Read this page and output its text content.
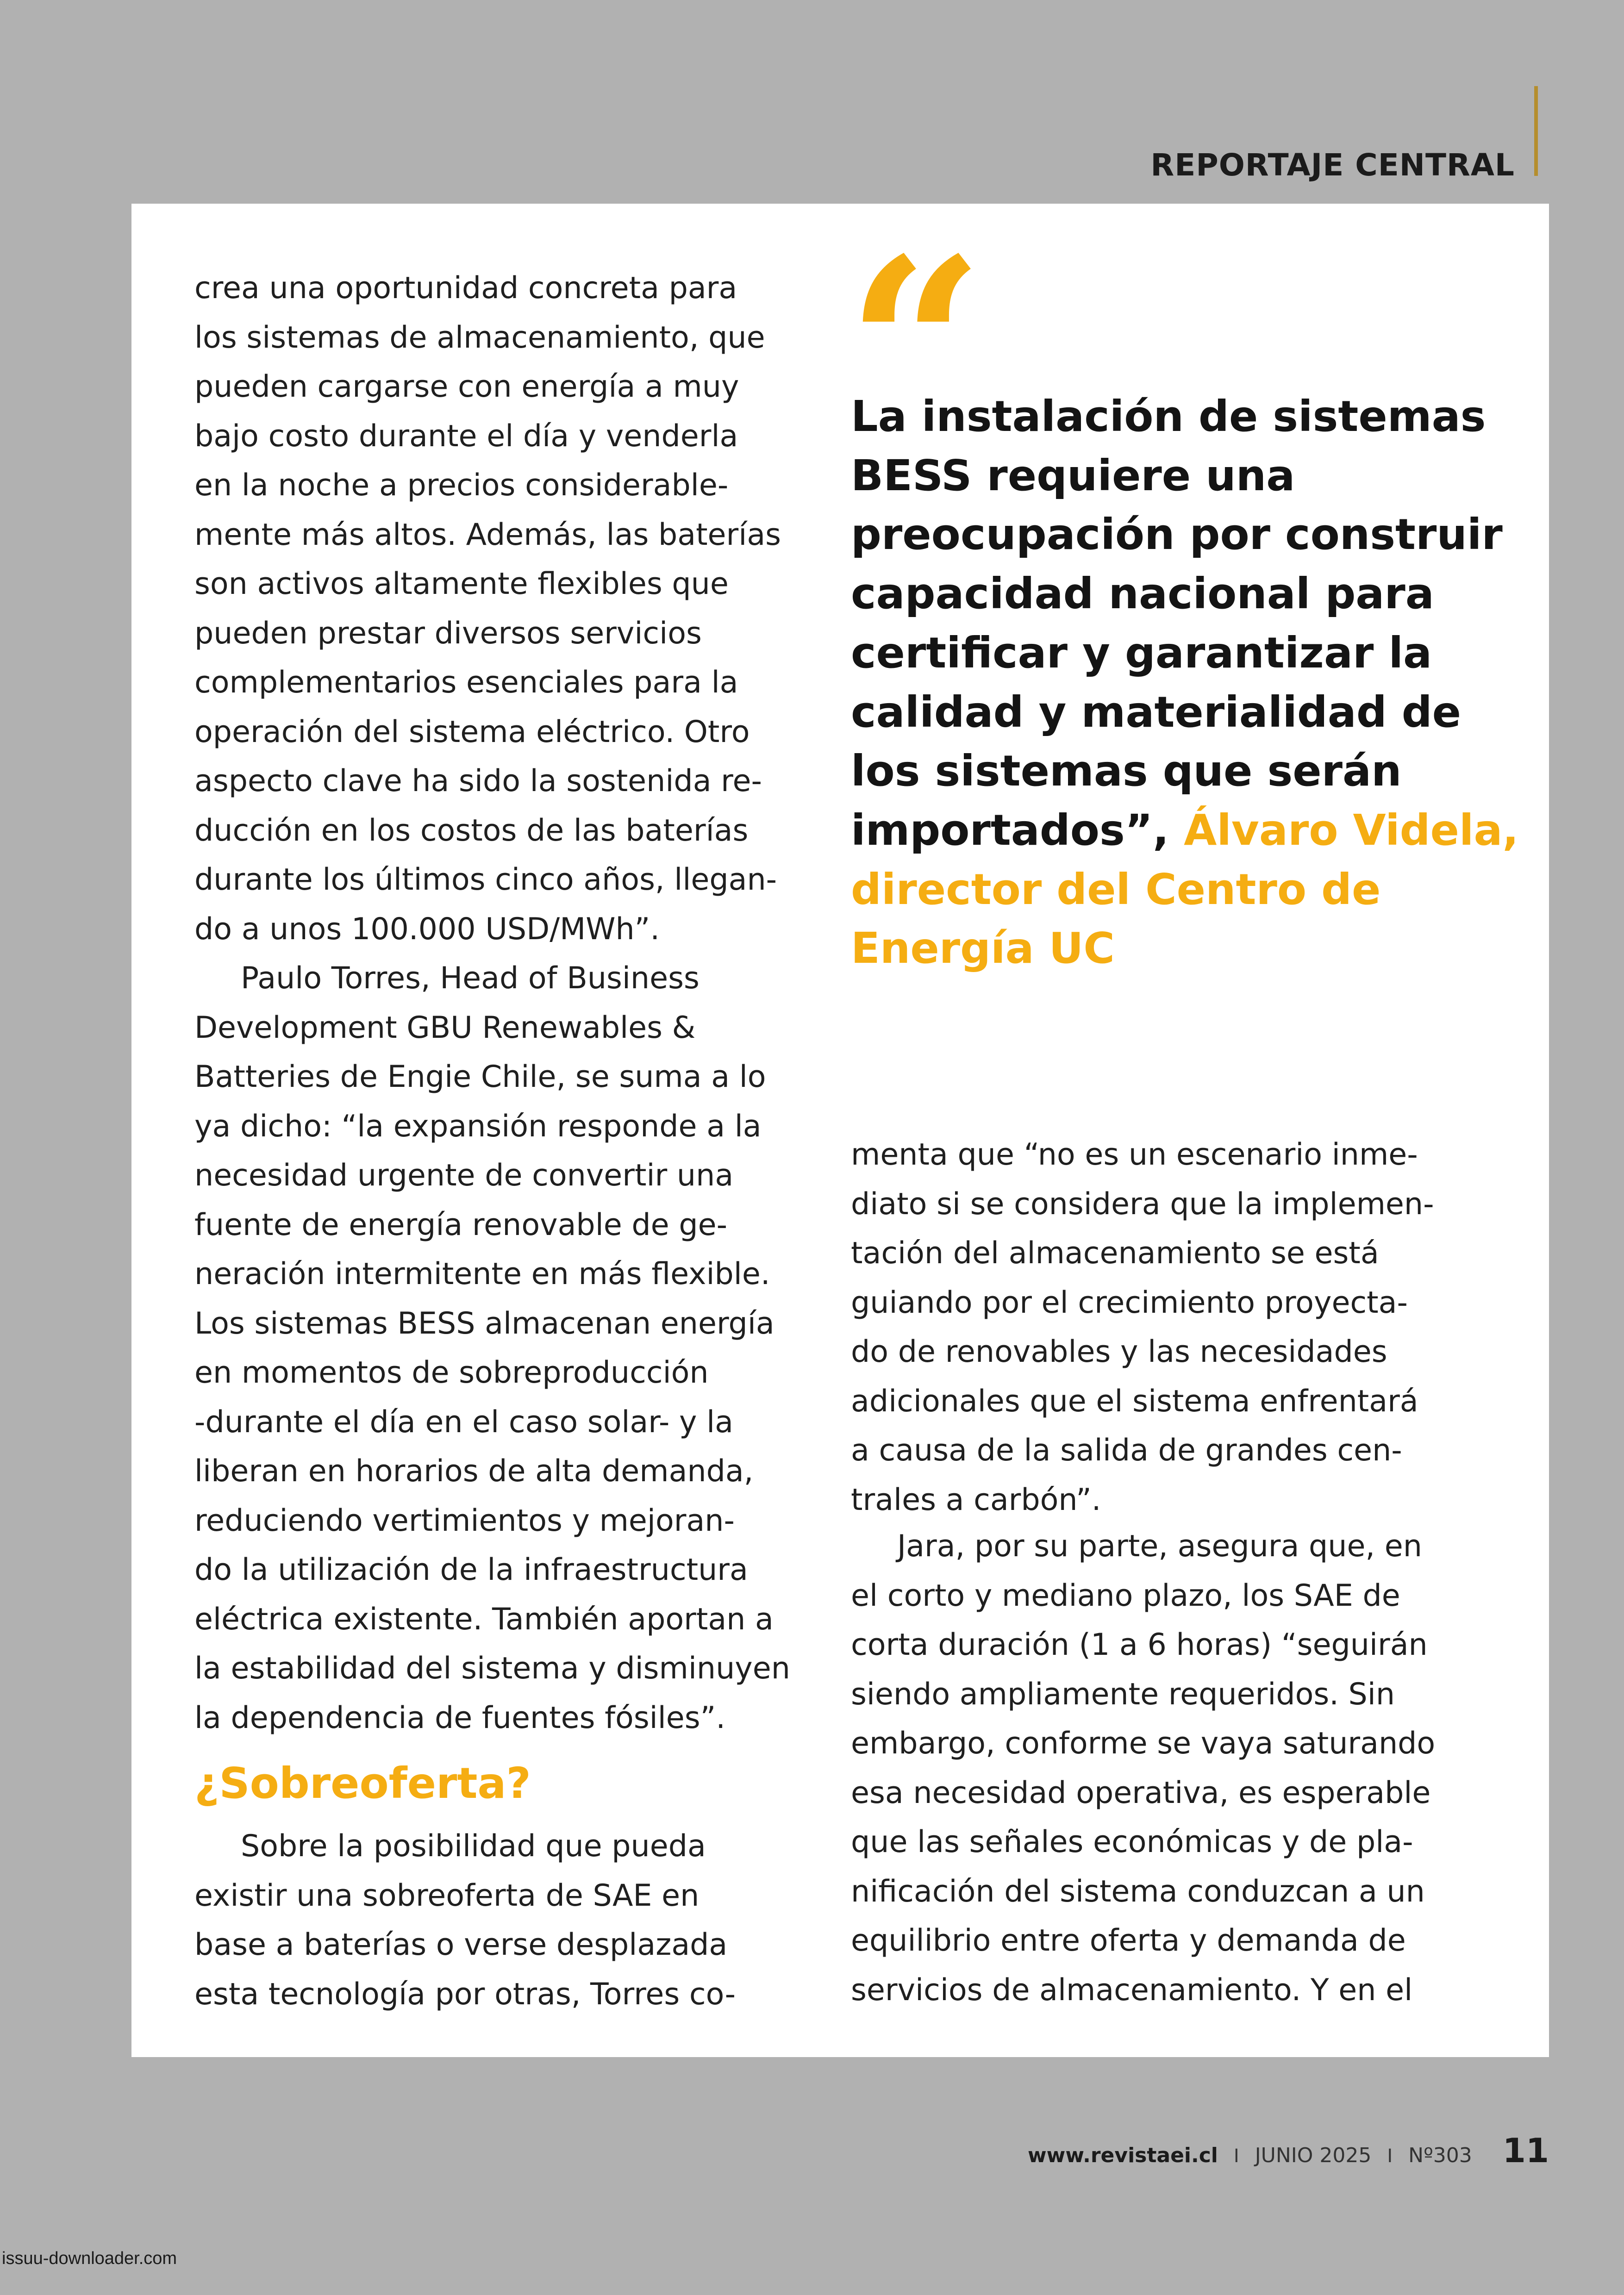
REPORTAJE CENTRAL

crea una oportunidad concreta para

los sistemas de almacenamiento, que

pueden cargarse con energía a muy

bajo costo durante el día y venderla

en la noche a precios considerable-

mente más altos. Además, las baterías

son activos altamente flexibles que

pueden prestar diversos servicios

complementarios esenciales para la

operación del sistema eléctrico. Otro

aspecto clave ha sido la sostenida re-

ducción en los costos de las baterías

durante los últimos cinco años, llegan-

do a unos 100.000 USD/MWh”.

Paulo Torres, Head of Business

Development GBU Renewables &

Batteries de Engie Chile, se suma a lo

ya dicho: “la expansión responde a la

necesidad urgente de convertir una

fuente de energía renovable de ge-

neración intermitente en más flexible.

Los sistemas BESS almacenan energía

en momentos de sobreproducción

-durante el día en el caso solar- y la

liberan en horarios de alta demanda,

reduciendo vertimientos y mejoran-

do la utilización de la infraestructura

eléctrica existente. También aportan a

la estabilidad del sistema y disminuyen

la dependencia de fuentes fósiles”.

¿Sobreoferta?

Sobre la posibilidad que pueda

existir una sobreoferta de SAE en

base a baterías o verse desplazada

esta tecnología por otras, Torres co-

“

La instalación de sistemas

BESS requiere una

preocupación por construir

capacidad nacional para

certificar y garantizar la

calidad y materialidad de

los sistemas que serán

importados”, Álvaro Videla,

director del Centro de

Energía UC

menta que “no es un escenario inme-

diato si se considera que la implemen-

tación del almacenamiento se está

guiando por el crecimiento proyecta-

do de renovables y las necesidades

adicionales que el sistema enfrentará

a causa de la salida de grandes cen-

trales a carbón”.

Jara, por su parte, asegura que, en

el corto y mediano plazo, los SAE de

corta duración (1 a 6 horas) “seguirán

siendo ampliamente requeridos. Sin

embargo, conforme se vaya saturando

esa necesidad operativa, es esperable

que las señales económicas y de pla-

nificación del sistema conduzcan a un

equilibrio entre oferta y demanda de

servicios de almacenamiento. Y en el

www.revistaei.cl I JUNIO 2025 I Nº303 11
issuu-downloader.com
